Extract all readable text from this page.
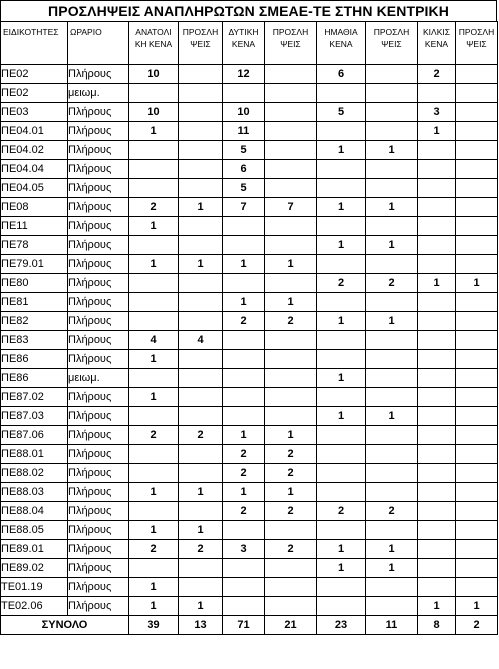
ΠΡΟΣΛΗΨΕΙΣ ΑΝΑΠΛΗΡΩΤΩΝ ΣΜΕΑΕ-ΤΕ ΣΤΗΝ ΚΕΝΤΡΙΚΗ
ΕΙΔΙΚΟΤΗΤΕΣ	ΩΡΑΡΙΟ	ΑΝΑΤΟΛΙ ΚΗ ΚΕΝΑ	ΠΡΟΣΛΗ ΨΕΙΣ	ΔΥΤΙΚΗ ΚΕΝΑ	ΠΡΟΣΛΗ ΨΕΙΣ	ΗΜΑΘΙΑ ΚΕΝΑ	ΠΡΟΣΛΗ ΨΕΙΣ	ΚΙΛΚΙΣ ΚΕΝΑ	ΠΡΟΣΛΗ ΨΕΙΣ
ΠΕ02	Πλήρους	10		12		6		2	
ΠΕ02	μειωμ.								
ΠΕ03	Πλήρους	10		10		5		3	
ΠΕ04.01	Πλήρους	1		11				1	
ΠΕ04.02	Πλήρους			5		1	1		
ΠΕ04.04	Πλήρους			6					
ΠΕ04.05	Πλήρους			5					
ΠΕ08	Πλήρους	2	1	7	7	1	1		
ΠΕ11	Πλήρους	1							
ΠΕ78	Πλήρους					1	1		
ΠΕ79.01	Πλήρους	1	1	1	1				
ΠΕ80	Πλήρους					2	2	1	1
ΠΕ81	Πλήρους			1	1				
ΠΕ82	Πλήρους			2	2	1	1		
ΠΕ83	Πλήρους	4	4						
ΠΕ86	Πλήρους	1							
ΠΕ86	μειωμ.					1			
ΠΕ87.02	Πλήρους	1							
ΠΕ87.03	Πλήρους					1	1		
ΠΕ87.06	Πλήρους	2	2	1	1				
ΠΕ88.01	Πλήρους			2	2				
ΠΕ88.02	Πλήρους			2	2				
ΠΕ88.03	Πλήρους	1	1	1	1				
ΠΕ88.04	Πλήρους			2	2	2	2		
ΠΕ88.05	Πλήρους	1	1						
ΠΕ89.01	Πλήρους	2	2	3	2	1	1		
ΠΕ89.02	Πλήρους					1	1		
ΤΕ01.19	Πλήρους	1							
ΤΕ02.06	Πλήρους	1	1					1	1
ΣΥΝΟΛΟ		39	13	71	21	23	11	8	2
